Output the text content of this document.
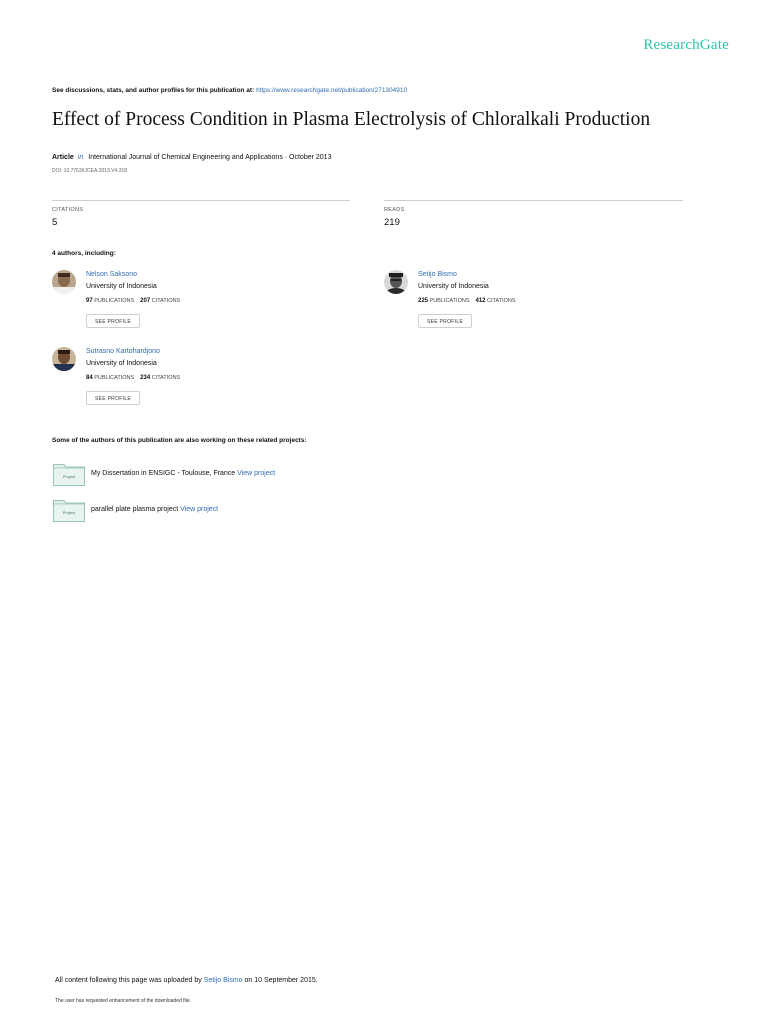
ResearchGate
See discussions, stats, and author profiles for this publication at: https://www.researchgate.net/publication/271304910
Effect of Process Condition in Plasma Electrolysis of Chloralkali Production
Article in International Journal of Chemical Engineering and Applications · October 2013
DOI: 10.7763/IJCEA.2013.V4.318
CITATIONS
5
READS
219
4 authors, including:
Nelson Saksono
University of Indonesia
97 PUBLICATIONS 207 CITATIONS
SEE PROFILE
Setijo Bismo
University of Indonesia
225 PUBLICATIONS 412 CITATIONS
SEE PROFILE
Sutrasno Kartohardjono
University of Indonesia
84 PUBLICATIONS 234 CITATIONS
SEE PROFILE
Some of the authors of this publication are also working on these related projects:
Project My Dissertation in ENSIGC - Toulouse, France View project
Project parallel plate plasma project View project
All content following this page was uploaded by Setijo Bismo on 10 September 2015.
The user has requested enhancement of the downloaded file.
